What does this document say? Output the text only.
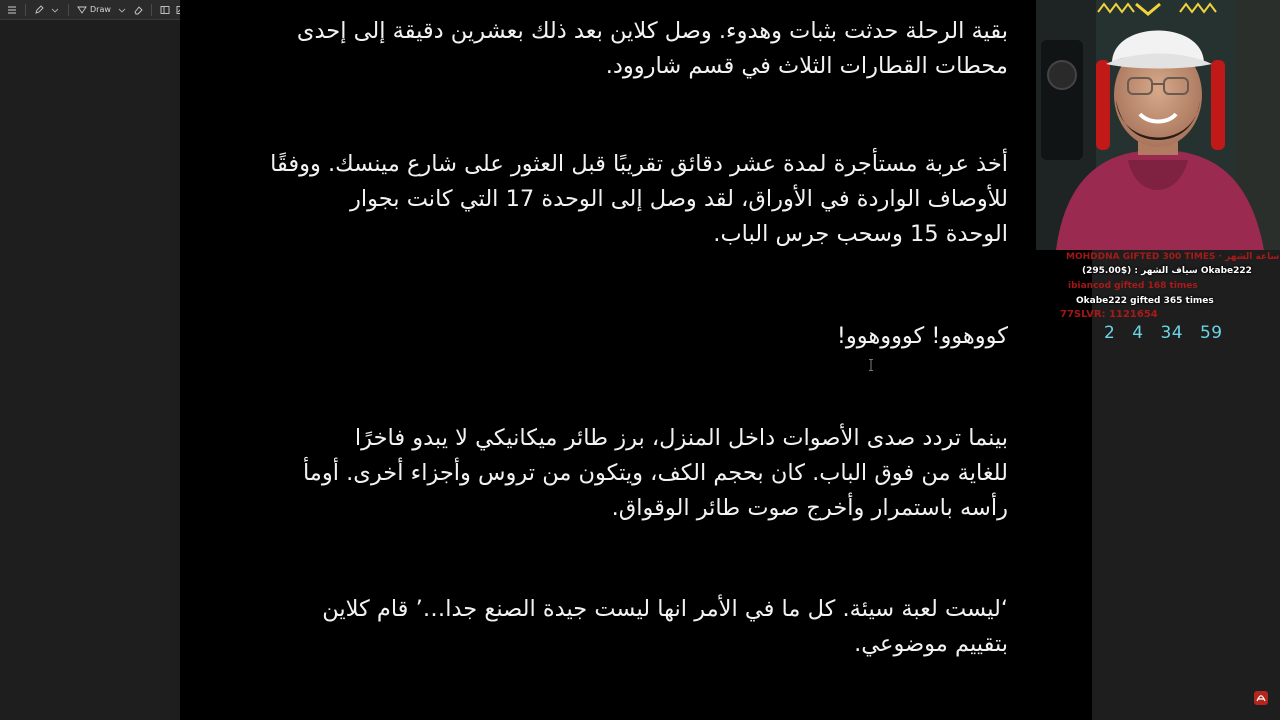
Draw
بقية الرحلة حدثت بثبات وهدوء. وصل كلاين بعد ذلك بعشرين دقيقة إلى إحدى
محطات القطارات الثلاث في قسم شاروود.
أخذ عربة مستأجرة لمدة عشر دقائق تقريبًا قبل العثور على شارع مينسك. ووفقًا
للأوصاف الواردة في الأوراق، لقد وصل إلى الوحدة 17 التي كانت بجوار
الوحدة 15 وسحب جرس الباب.
كووهوو! كوووهوو!
بينما تردد صدى الأصوات داخل المنزل، برز طائر ميكانيكي لا يبدو فاخرًا
للغاية من فوق الباب. كان بحجم الكف، ويتكون من تروس وأجزاء أخرى. أومأ
رأسه باستمرار وأخرج صوت طائر الوقواق.
‘ليست لعبة سيئة. كل ما في الأمر انها ليست جيدة الصنع جدا…’ قام كلاين
بتقييم موضوعي.
MOHDDNA GIFTED 300 TIMES · ساعة الشهر
سياف الشهر : ($295.00) Okabe222
ibiancod gifted 168 times
Okabe222 gifted 365 times
77SLVR: 1121654
2 4 34 59
